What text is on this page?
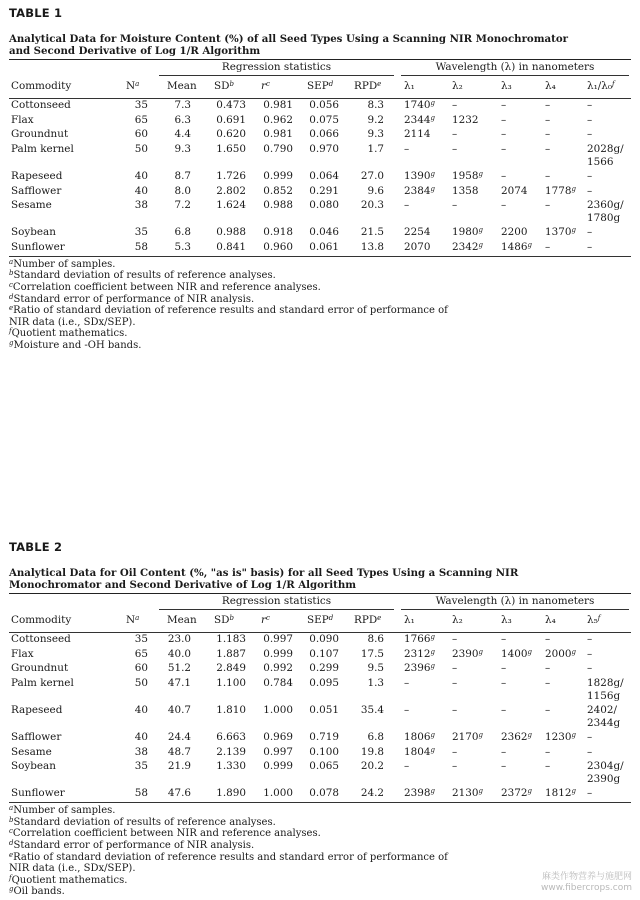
TABLE 1
Analytical Data for Moisture Content (%) of all Seed Types Using a Scanning NIR Monochromator
and Second Derivative of Log 1/R Algorithm
Regression statistics	Wavelength (λ) in nanometers
Commodity	$N^a$	Mean $SD^b$	$r^c$	SEP$^d$ RPD$^e$ λ₁	λ₂	λ₃	λ₄	λ₁/λ₀$^f$
Cottonseed	35	7.3 0.473 0.981 0.056	8.3 1740$^g$ –	–	–	–
Flax	65	6.3 0.691 0.962 0.075	9.2 2344$^g$ 1232 –	–	–
Groundnut	60	4.4 0.620 0.981 0.066	9.3 2114 –	–	–	–
Palm kernel	50	9.3 1.650 0.790 0.970	1.7 –	–	–	–	2028g/
1566
Rapeseed	40	8.7 1.726 0.999 0.064	27.0 1390$^g$ 1958$^g$ –	–	–
Safflower	40	8.0 2.802 0.852 0.291	9.6 2384$^g$ 1358 2074 1778$^g$ –
Sesame	38	7.2 1.624 0.988 0.080	20.3 –	–	–	–	2360g/
1780g
Soybean	35	6.8 0.988 0.918 0.046	21.5 2254 1980$^g$ 2200 1370$^g$ –
Sunflower	58	5.3 0.841 0.960 0.061	13.8 2070 2342$^g$ 1486$^g$ –	–

$^a$Number of samples.

$^b$Standard deviation of results of reference analyses.

$^c$Correlation coefficient between NIR and reference analyses.

$^d$Standard error of performance of NIR analysis.

$^e$Ratio of standard deviation of reference results and standard error of performance of

NIR data (i.e., SDx/SEP).

$^f$Quotient mathematics.

$^g$Moisture and -OH bands.

TABLE 2
Analytical Data for Oil Content (%, "as is" basis) for all Seed Types Using a Scanning NIR
Monochromator and Second Derivative of Log 1/R Algorithm
Regression statistics	Wavelength (λ) in nanometers
Commodity	$N^a$	Mean $SD^b$	$r^c$	SEP$^d$ RPD$^e$ λ₁	λ₂	λ₃	λ₄	λ₅$^f$
Cottonseed	35 23.0 1.183 0.997 0.090	8.6 1766$^g$ –	–	–	–
Flax	65 40.0 1.887 0.999 0.107	17.5 2312$^g$ 2390$^g$ 1400$^g$ 2000$^g$ –
Groundnut	60 51.2 2.849 0.992 0.299	9.5 2396$^g$ –	–	–	–
Palm kernel	50 47.1 1.100 0.784 0.095	1.3 –	–	–	–	1828g/
1156g
Rapeseed	40 40.7 1.810 1.000 0.051	35.4 –	–	–	–	2402/
2344g
Safflower	40 24.4 6.663 0.969 0.719	6.8 1806$^g$ 2170$^g$ 2362$^g$ 1230$^g$ –
Sesame	38 48.7 2.139 0.997 0.100	19.8 1804$^g$ –	–	–	–
Soybean	35 21.9 1.330 0.999 0.065	20.2 –	–	–	–	2304g/
2390g
Sunflower	58 47.6 1.890 1.000 0.078	24.2 2398$^g$ 2130$^g$ 2372$^g$ 1812$^g$ –

$^a$Number of samples.

$^b$Standard deviation of results of reference analyses.

$^c$Correlation coefficient between NIR and reference analyses.

$^d$Standard error of performance of NIR analysis.

$^e$Ratio of standard deviation of reference results and standard error of performance of

NIR data (i.e., SDx/SEP).

$^f$Quotient mathematics.

$^g$Oil bands.

麻类作物营养与施肥网
www.fibercrops.com
